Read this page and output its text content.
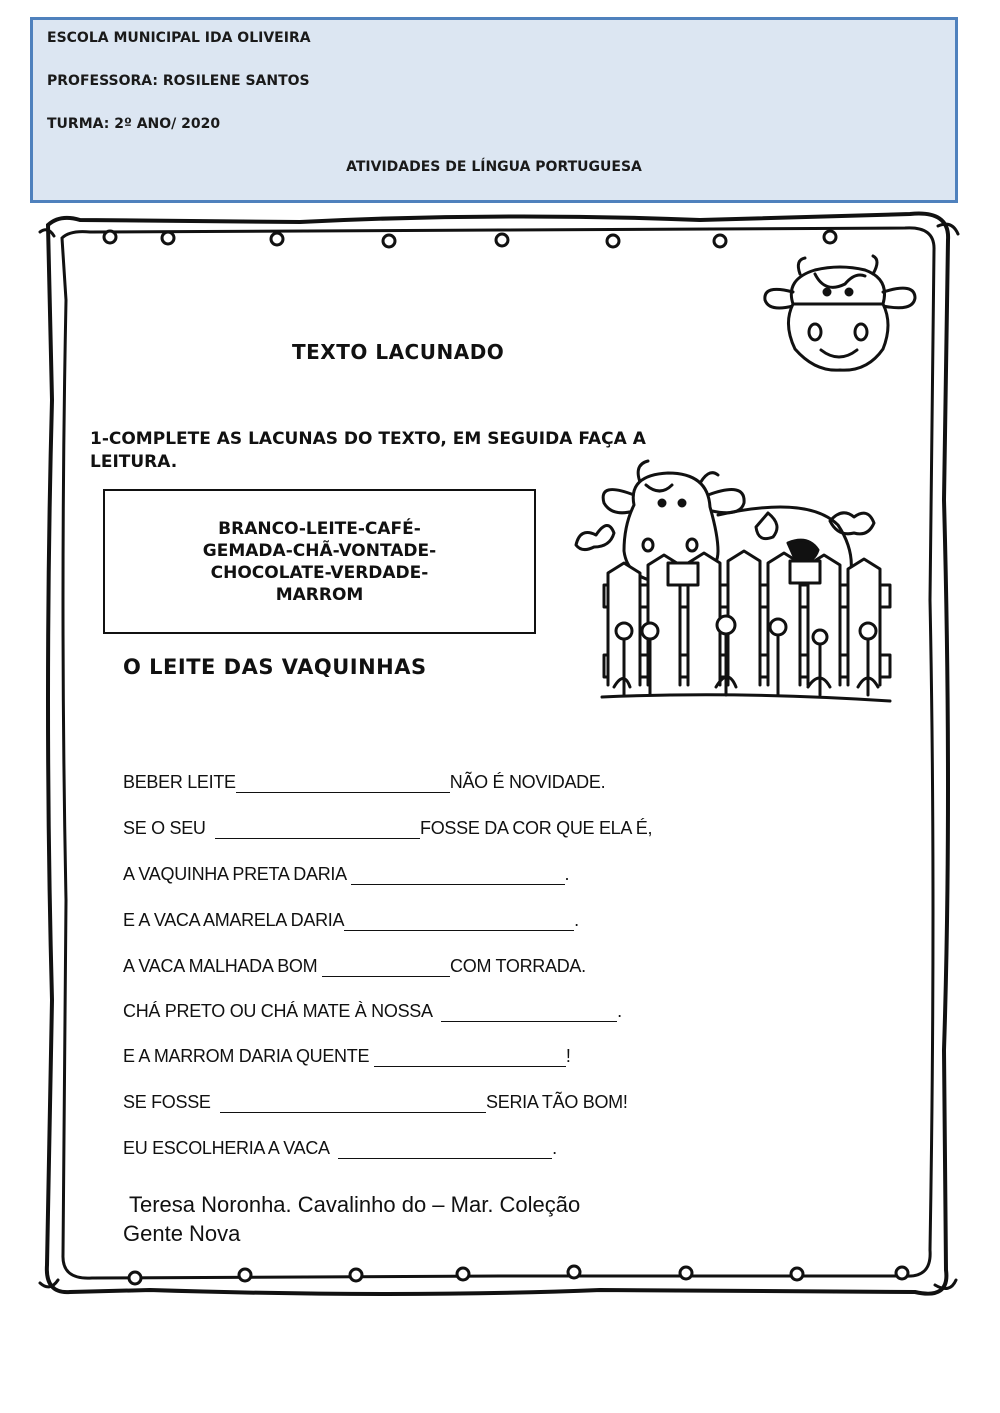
ESCOLA MUNICIPAL IDA OLIVEIRA
PROFESSORA: ROSILENE SANTOS
TURMA: 2º ANO/ 2020
ATIVIDADES DE LÍNGUA PORTUGUESA
TEXTO LACUNADO
1-COMPLETE AS LACUNAS DO TEXTO, EM SEGUIDA FAÇA A
LEITURA.
BRANCO-LEITE-CAFÉ-
GEMADA-CHÃ-VONTADE-
CHOCOLATE-VERDADE-
MARROM
O LEITE DAS VAQUINHAS
BEBER LEITE	NÃO É NOVIDADE.
SE O SEU	FOSSE DA COR QUE ELA É,
A VAQUINHA PRETA DARIA	.
E A VACA AMARELA DARIA	.
A VACA MALHADA BOM	COM TORRADA.
CHÁ PRETO OU CHÁ MATE À NOSSA	.
E A MARROM DARIA QUENTE	!
SE FOSSE	SERIA TÃO BOM!
EU ESCOLHERIA A VACA	.
Teresa Noronha. Cavalinho do – Mar. Coleção
Gente Nova
